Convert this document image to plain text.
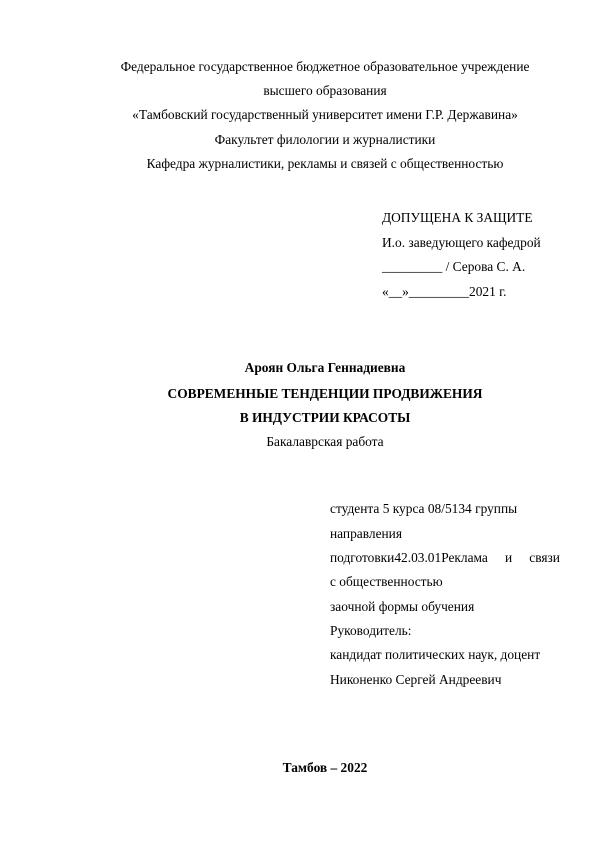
Федеральное государственное бюджетное образовательное учреждение
высшего образования
«Тамбовский государственный университет имени Г.Р. Державина»
Факультет филологии и журналистики
Кафедра журналистики, рекламы и связей с общественностью
ДОПУЩЕНА К ЗАЩИТЕ
И.о. заведующего кафедрой
_________ / Серова С. А.
«__»_________2021 г.
Ароян Ольга Геннадиевна
СОВРЕМЕННЫЕ ТЕНДЕНЦИИ ПРОДВИЖЕНИЯ
В ИНДУСТРИИ КРАСОТЫ
Бакалаврская работа
студента 5 курса 08/5134 группы
направления
подготовки42.03.01Реклама и связи
с общественностью
заочной формы обучения
Руководитель:
кандидат политических наук, доцент
Никоненко Сергей Андреевич
Тамбов – 2022
